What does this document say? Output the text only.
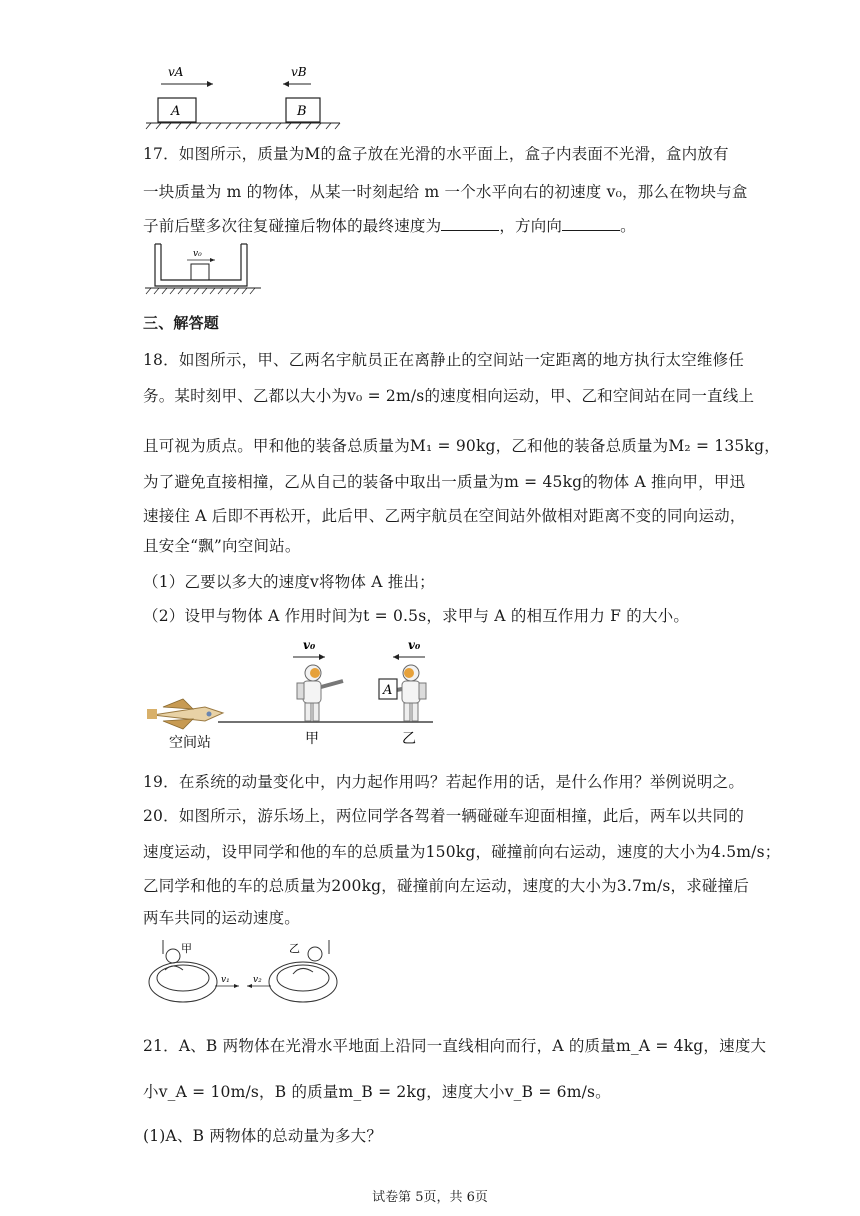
vA
A
vB
B
17．如图所示，质量为M的盒子放在光滑的水平面上，盒子内表面不光滑，盒内放有
一块质量为 m 的物体，从某一时刻起给 m 一个水平向右的初速度 v₀，那么在物块与盒
子前后壁多次往复碰撞后物体的最终速度为	，方向向	。
v₀
三、解答题
18．如图所示，甲、乙两名宇航员正在离静止的空间站一定距离的地方执行太空维修任
务。某时刻甲、乙都以大小为v₀ = 2m/s的速度相向运动，甲、乙和空间站在同一直线上
且可视为质点。甲和他的装备总质量为M₁ = 90kg，乙和他的装备总质量为M₂ = 135kg，
为了避免直接相撞，乙从自己的装备中取出一质量为m = 45kg的物体 A 推向甲，甲迅
速接住 A 后即不再松开，此后甲、乙两宇航员在空间站外做相对距离不变的同向运动，
且安全“飘”向空间站。
（1）乙要以多大的速度v将物体 A 推出；
（2）设甲与物体 A 作用时间为t = 0.5s，求甲与 A 的相互作用力 F 的大小。
v₀	v₀
A
空间站	甲	乙
19．在系统的动量变化中，内力起作用吗？若起作用的话，是什么作用？举例说明之。
20．如图所示，游乐场上，两位同学各驾着一辆碰碰车迎面相撞，此后，两车以共同的
速度运动，设甲同学和他的车的总质量为150kg，碰撞前向右运动，速度的大小为4.5m/s；
乙同学和他的车的总质量为200kg，碰撞前向左运动，速度的大小为3.7m/s，求碰撞后
两车共同的运动速度。
甲	乙
v₁	v₂
21．A、B 两物体在光滑水平地面上沿同一直线相向而行，A 的质量m_A = 4kg，速度大
小v_A = 10m/s，B 的质量m_B = 2kg，速度大小v_B = 6m/s。
(1)A、B 两物体的总动量为多大？
试卷第 5页，共 6页
